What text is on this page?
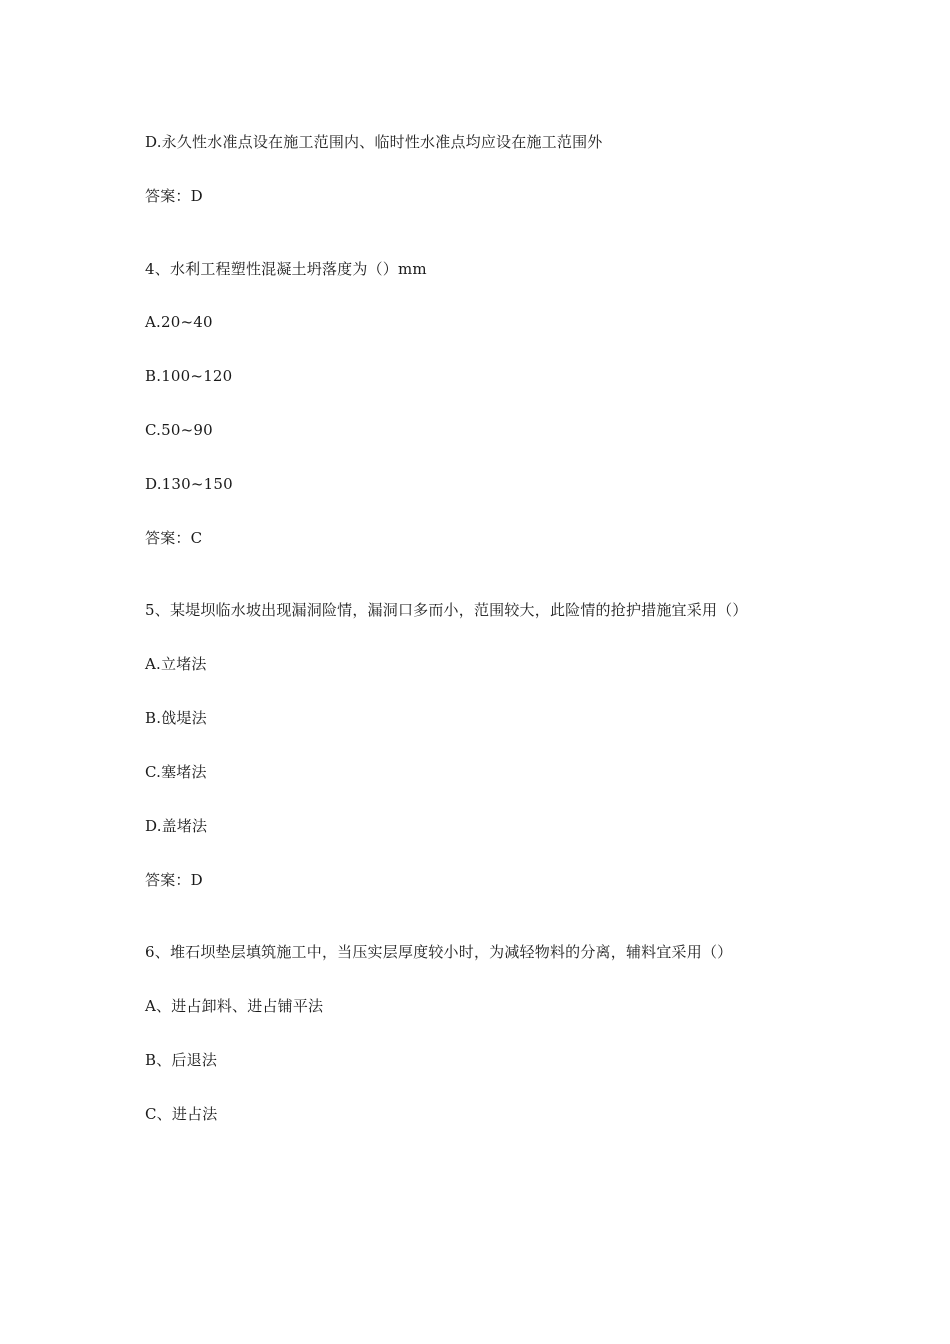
D.永久性水准点设在施工范围内、临时性水准点均应设在施工范围外
答案：D
4、水利工程塑性混凝土坍落度为（）mm
A.20~40
B.100~120
C.50~90
D.130~150
答案：C
5、某堤坝临水坡出现漏洞险情，漏洞口多而小，范围较大，此险情的抢护措施宜采用（）
A.立堵法
B.戗堤法
C.塞堵法
D.盖堵法
答案：D
6、堆石坝垫层填筑施工中，当压实层厚度较小时，为减轻物料的分离，辅料宜采用（）
A、进占卸料、进占铺平法
B、后退法
C、进占法
